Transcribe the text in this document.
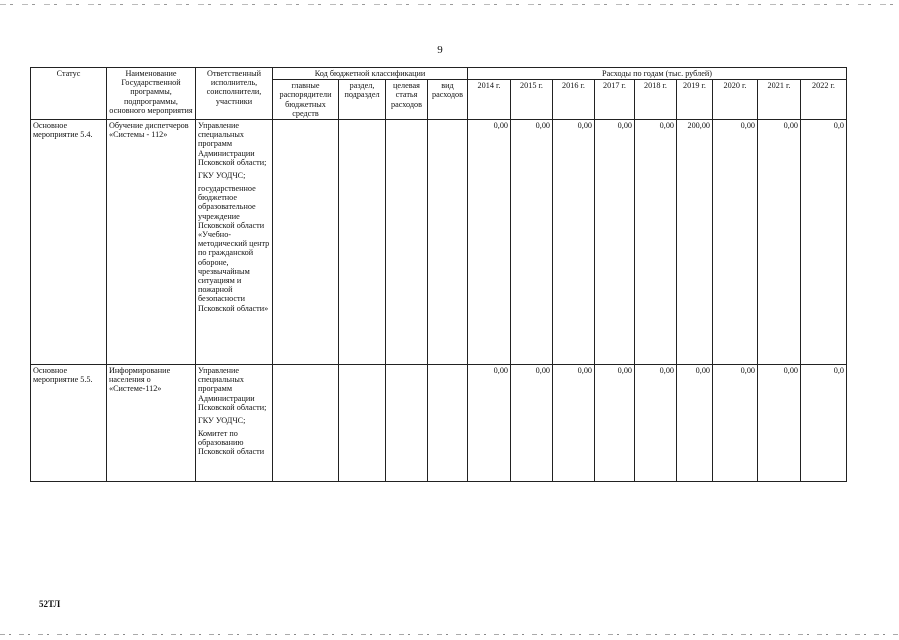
9
Статус	Наименование Государственной программы, подпрограммы, основного мероприятия	Ответственный исполнитель, соисполнители, участники	Код бюджетной классификации				Расходы по годам (тыс. рублей)								
			главные распорядители бюджетных средств	раздел, подраздел	целевая статья расходов	вид расходов	2014 г.	2015 г.	2016 г.	2017 г.	2018 г.	2019 г.	2020 г.	2021 г.	2022 г.
Основное мероприятие 5.4.	Обучение диспетчеров «Системы - 112»	Управление специальных программ Администрации Псковской области;
ГКУ УОДЧС;
государственное бюджетное образовательное учреждение Псковской области «Учебно-методический центр по гражданской обороне, чрезвычайным ситуациям и пожарной безопасности Псковской области»					0,00	0,00	0,00	0,00	0,00	200,00	0,00	0,00	0,0
Основное мероприятие 5.5.	Информирование населения о «Системе-112»	Управление специальных программ Администрации Псковской области;
ГКУ УОДЧС;
Комитет по образованию Псковской области					0,00	0,00	0,00	0,00	0,00	0,00	0,00	0,00	0,0
52ТЛ
